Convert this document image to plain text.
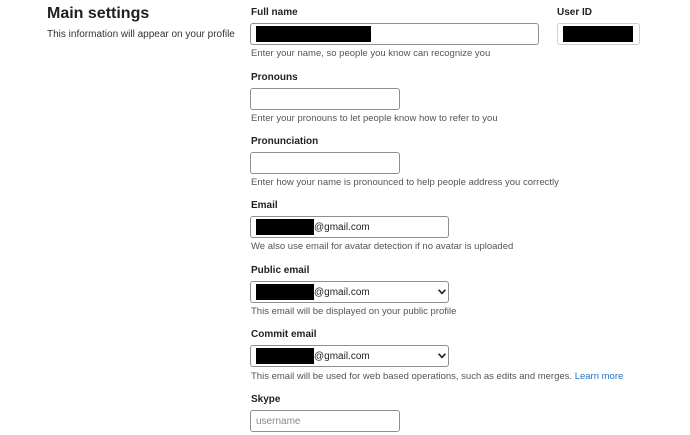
Main settings
This information will appear on your profile
Full name
Enter your name, so people you know can recognize you
User ID
Pronouns
Enter your pronouns to let people know how to refer to you
Pronunciation
Enter how your name is pronounced to help people address you correctly
Email
@gmail.com
We also use email for avatar detection if no avatar is uploaded
Public email
@gmail.com
This email will be displayed on your public profile
Commit email
@gmail.com
This email will be used for web based operations, such as edits and merges. Learn more
Skype
username
